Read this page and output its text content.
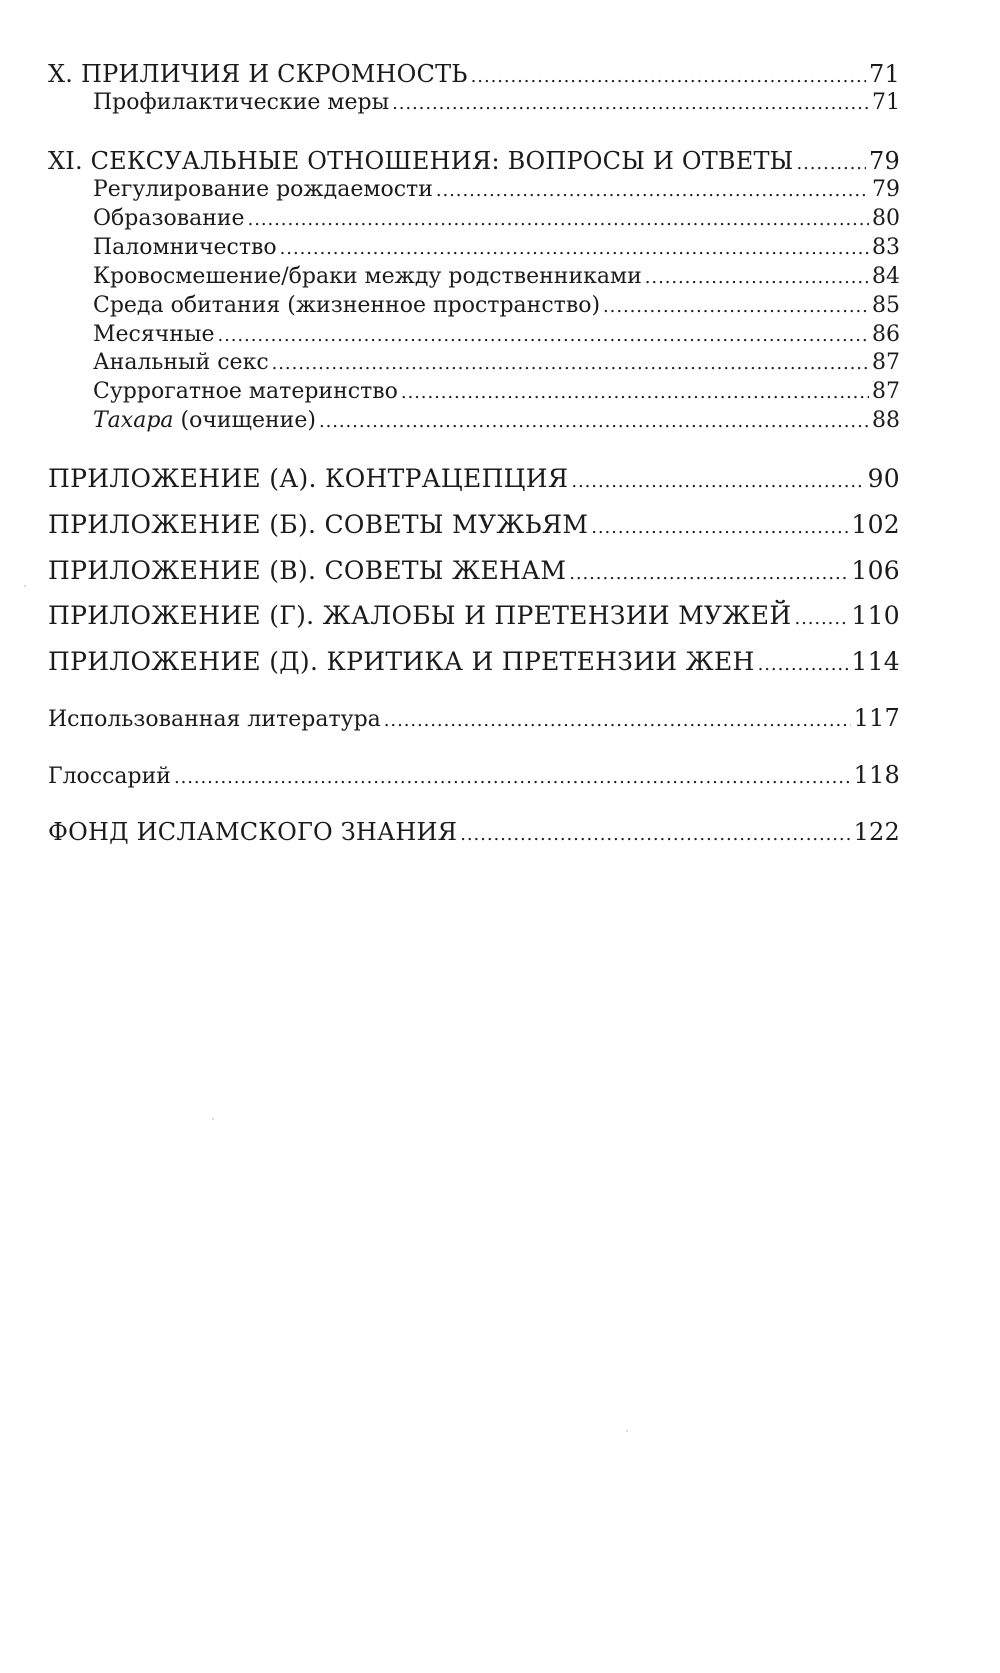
X. ПРИЛИЧИЯ И СКРОМНОСТЬ . . .	71
Профилактические меры . . .	71
XI. СЕКСУАЛЬНЫЕ ОТНОШЕНИЯ: ВОПРОСЫ И ОТВЕТЫ . . .	79
Регулирование рождаемости . . .	79
Образование . . .	80
Паломничество . . .	83
Кровосмешение/браки между родственниками . . .	84
Среда обитания (жизненное пространство) . . .	85
Месячные . . .	86
Анальный секс . . .	87
Суррогатное материнство . . .	87
Тахара (очищение) . . .	88
ПРИЛОЖЕНИЕ (А). КОНТРАЦЕПЦИЯ . . .	90
ПРИЛОЖЕНИЕ (Б). СОВЕТЫ МУЖЬЯМ . . .	102
ПРИЛОЖЕНИЕ (В). СОВЕТЫ ЖЕНАМ . . .	106
ПРИЛОЖЕНИЕ (Г). ЖАЛОБЫ И ПРЕТЕНЗИИ МУЖЕЙ . . . 110
ПРИЛОЖЕНИЕ (Д). КРИТИКА И ПРЕТЕНЗИИ ЖЕН . . .	114
Использованная литература . . .	117
Глоссарий . . .	118
ФОНД ИСЛАМСКОГО ЗНАНИЯ . . .	122
